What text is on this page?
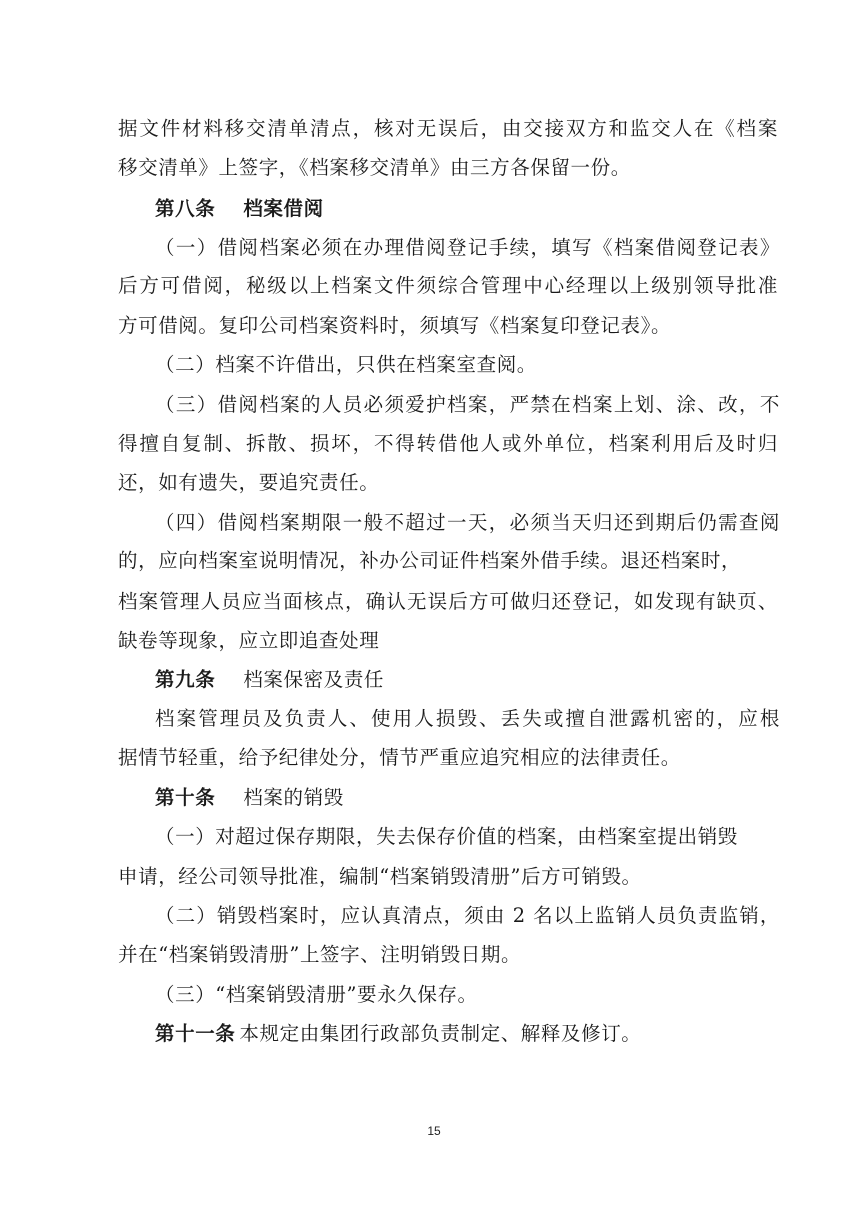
据文件材料移交清单清点，核对无误后，由交接双方和监交人在《档案
移交清单》上签字，《档案移交清单》由三方各保留一份。
第八条 档案借阅
（一）借阅档案必须在办理借阅登记手续，填写《档案借阅登记表》
后方可借阅，秘级以上档案文件须综合管理中心经理以上级别领导批准
方可借阅。复印公司档案资料时，须填写《档案复印登记表》。
（二）档案不许借出，只供在档案室查阅。
（三）借阅档案的人员必须爱护档案，严禁在档案上划、涂、改，不
得擅自复制、拆散、损坏，不得转借他人或外单位，档案利用后及时归
还，如有遗失，要追究责任。
（四）借阅档案期限一般不超过一天，必须当天归还到期后仍需查阅
的，应向档案室说明情况，补办公司证件档案外借手续。退还档案时，
档案管理人员应当面核点，确认无误后方可做归还登记，如发现有缺页、
缺卷等现象，应立即追查处理
第九条 档案保密及责任
档案管理员及负责人、使用人损毁、丢失或擅自泄露机密的，应根
据情节轻重，给予纪律处分，情节严重应追究相应的法律责任。
第十条 档案的销毁
（一）对超过保存期限，失去保存价值的档案，由档案室提出销毁
申请，经公司领导批准，编制“档案销毁清册”后方可销毁。
（二）销毁档案时，应认真清点，须由 2 名以上监销人员负责监销，
并在“档案销毁清册”上签字、注明销毁日期。
（三）“档案销毁清册”要永久保存。
第十一条 本规定由集团行政部负责制定、解释及修订。
15
